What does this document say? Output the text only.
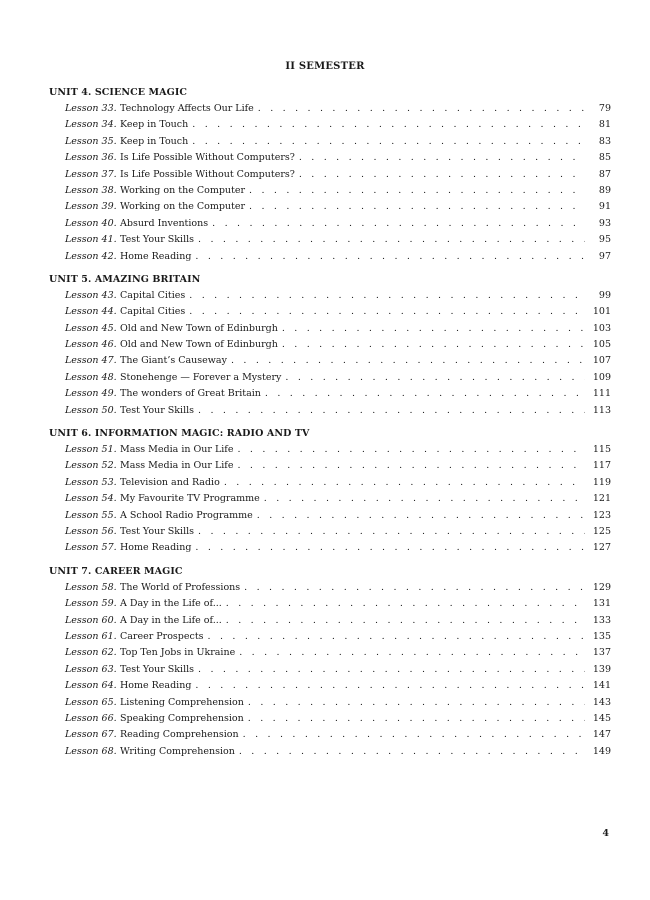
II SEMESTER
UNIT 4. SCIENCE MAGIC
Lesson 33. Technology Affects Our Life . . .	79
Lesson 34. Keep in Touch . . .	81
Lesson 35. Keep in Touch . . .	83
Lesson 36. Is Life Possible Without Computers? . . .	85
Lesson 37. Is Life Possible Without Computers? . . .	87
Lesson 38. Working on the Computer . . .	89
Lesson 39. Working on the Computer . . .	91
Lesson 40. Absurd Inventions . . .	93
Lesson 41. Test Your Skills . . .	95
Lesson 42. Home Reading . . .	97
UNIT 5. AMAZING BRITAIN
Lesson 43. Capital Cities . . .	99
Lesson 44. Capital Cities . . .	101
Lesson 45. Old and New Town of Edinburgh . . .	103
Lesson 46. Old and New Town of Edinburgh . . .	105
Lesson 47. The Giant’s Causeway . . .	107
Lesson 48. Stonehenge — Forever a Mystery . . .	109
Lesson 49. The wonders of Great Britain . . .	111
Lesson 50. Test Your Skills . . .	113
UNIT 6. INFORMATION MAGIC: RADIO AND TV
Lesson 51. Mass Media in Our Life . . .	115
Lesson 52. Mass Media in Our Life . . .	117
Lesson 53. Television and Radio . . .	119
Lesson 54. My Favourite TV Programme . . .	121
Lesson 55. A School Radio Programme . . .	123
Lesson 56. Test Your Skills . . .	125
Lesson 57. Home Reading . . .	127
UNIT 7. CAREER MAGIC
Lesson 58. The World of Professions . . .	129
Lesson 59. A Day in the Life of... . . .	131
Lesson 60. A Day in the Life of... . . .	133
Lesson 61. Career Prospects . . .	135
Lesson 62. Top Ten Jobs in Ukraine . . .	137
Lesson 63. Test Your Skills . . .	139
Lesson 64. Home Reading . . .	141
Lesson 65. Listening Comprehension . . .	143
Lesson 66. Speaking Comprehension . . .	145
Lesson 67. Reading Comprehension . . .	147
Lesson 68. Writing Comprehension . . .	149
4
